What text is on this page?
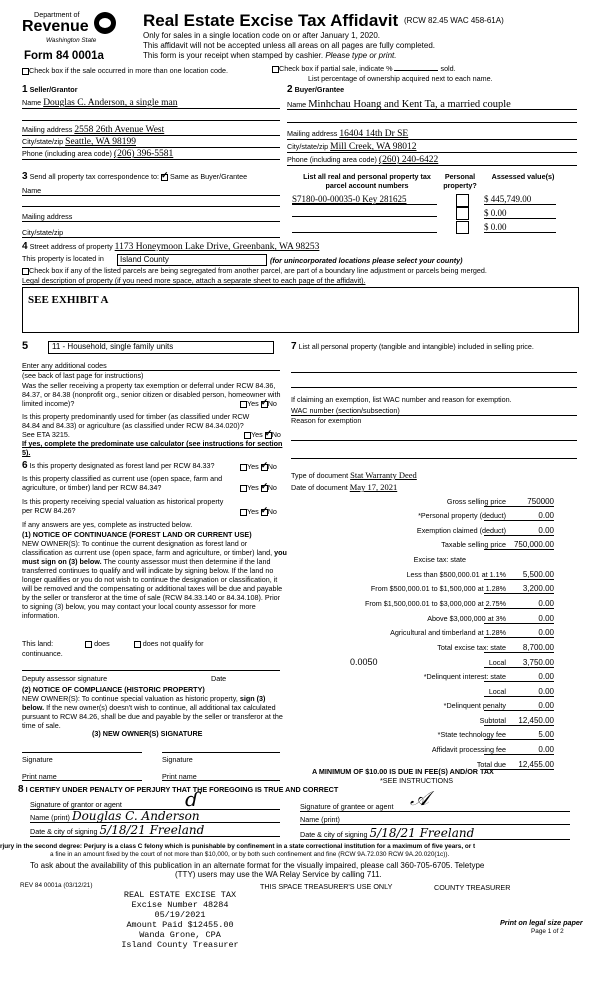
Department of
Revenue
Washington State
Form 84 0001a
Real Estate Excise Tax Affidavit (RCW 82.45 WAC 458-61A)
Only for sales in a single location code on or after January 1, 2020.
This affidavit will not be accepted unless all areas on all pages are fully completed.
This form is your receipt when stamped by cashier. Please type or print.
Check box if the sale occurred in more than one location code.	Check box if partial sale, indicate %	sold.
List percentage of ownership acquired next to each name.
1 Seller/Grantor
Name Douglas C. Anderson, a single man
Mailing address 2558 26th Avenue West
City/state/zip Seattle, WA 98199
Phone (including area code) (206) 396-5581
2 Buyer/Grantee
Name Minhchau Hoang and Kent Ta, a married couple
Mailing address 16404 14th Dr SE
City/state/zip Mill Creek, WA 98012
Phone (including area code) (260) 240-6422
3 Send all property tax correspondence to: ✓ Same as Buyer/Grantee
Name
Mailing address
City/state/zip
List all real and personal property tax parcel account numbers
Personal property?
Assessed value(s)
S7180-00-00035-0 Key 281625	$ 445,749.00
$ 0.00
$ 0.00
4 Street address of property 1173 Honeymoon Lake Drive, Greenbank, WA 98253
This property is located in	Island County	(for unincorporated locations please select your county)
Check box if any of the listed parcels are being segregated from another parcel, are part of a boundary line adjustment or parcels being merged.
Legal description of property (if you need more space, attach a separate sheet to each page of the affidavit).
SEE EXHIBIT A
5	11 - Household, single family units
Enter any additional codes
(see back of last page for instructions)
Was the seller receiving a property tax exemption or deferral under RCW 84.36, 84.37, or 84.38 (nonprofit org., senior citizen or disabled person, homeowner with limited income)?	Yes ✓ No
Is this property predominantly used for timber (as classified under RCW 84.84 and 84.33) or agriculture (as classified under RCW 84.34.020)? See ETA 3215.	Yes ✓ No
If yes, complete the predominate use calculator (see instructions for section 5).
6 Is this property designated as forest land per RCW 84.33?	Yes ✓ No
Is this property classified as current use (open space, farm and agriculture, or timber) land per RCW 84.34?	Yes ✓ No
Is this property receiving special valuation as historical property per RCW 84.26?	Yes ✓ No
If any answers are yes, complete as instructed below.
(1) NOTICE OF CONTINUANCE (FOREST LAND OR CURRENT USE)
NEW OWNER(S): To continue the current designation as forest land or classification as current use (open space, farm and agriculture, or timber) land, you must sign on (3) below. The county assessor must then determine if the land transferred continues to qualify and will indicate by signing below. If the land no longer qualifies or you do not wish to continue the designation or classification, it will be removed and the compensating or additional taxes will be due and payable by the seller or transferor at the time of sale (RCW 84.33.140 or 84.34.108). Prior to signing (3) below, you may contact your local county assessor for more information.
This land:	does	does not qualify for
continuance.
Deputy assessor signature	Date
(2) NOTICE OF COMPLIANCE (HISTORIC PROPERTY)
NEW OWNER(S): To continue special valuation as historic property, sign (3) below. If the new owner(s) doesn't wish to continue, all additional tax calculated pursuant to RCW 84.26, shall be due and payable by the seller or transferor at the time of sale.
(3) NEW OWNER(S) SIGNATURE
Signature	Signature
Print name	Print name
7 List all personal property (tangible and intangible) included in selling price.
If claiming an exemption, list WAC number and reason for exemption.
WAC number (section/subsection)
Reason for exemption
Type of document Stat Warranty Deed
Date of document May 17, 2021
Gross selling price	750000
*Personal property (deduct)	0.00
Exemption claimed (deduct)	0.00
Taxable selling price 750,000.00
Excise tax: state
Less than $500,000.01 at 1.1%	5,500.00
From $500,000.01 to $1,500,000 at 1.28%	3,200.00
From $1,500,000.01 to $3,000,000 at 2.75%	0.00
Above $3,000,000 at 3%	0.00
Agricultural and timberland at 1.28%	0.00
Total excise tax: state	8,700.00
0.0050	Local	3,750.00
*Delinquent interest: state	0.00
Local	0.00
*Delinquent penalty	0.00
Subtotal	12,450.00
*State technology fee	5.00
Affidavit processing fee	0.00
Total due	12,455.00
A MINIMUM OF $10.00 IS DUE IN FEE(S) AND/OR TAX
*SEE INSTRUCTIONS
8 I CERTIFY UNDER PENALTY OF PERJURY THAT THE FOREGOING IS TRUE AND CORRECT
Signature of grantor or agent	ɗ
Name (print) Douglas C. Anderson
Date & city of signing 5/18/21 Freeland
Signature of grantee or agent 𝒜
Name (print)
Date & city of signing 5/18/21 Freeland
rjury in the second degree: Perjury is a class C felony which is punishable by confinement in a state correctional institution for a maximum of five years, or t
a fine in an amount fixed by the court of not more than $10,000, or by both such confinement and fine (RCW 9A.72.030 RCW 9A.20.020(1c)).
To ask about the availability of this publication in an alternate format for the visually impaired, please call 360-705-6705. Teletype
(TTY) users may use the WA Relay Service by calling 711.
REV 84 0001a (03/12/21)	THIS SPACE TREASURER'S USE ONLY	COUNTY TREASURER
REAL ESTATE EXCISE TAX
Excise Number 48284
05/19/2021
Amount Paid $12455.00
Wanda Grone, CPA
Island County Treasurer
Print on legal size paper
Page 1 of 2
